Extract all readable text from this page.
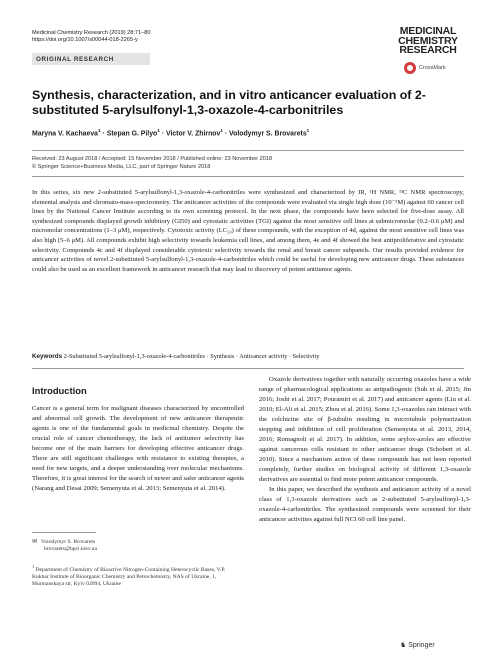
Medicinal Chemistry Research (2019) 28:71–80
https://doi.org/10.1007/s00044-018-2265-y
MEDICINAL
CHEMISTRY
RESEARCH
ORIGINAL RESEARCH
CrossMark
Synthesis, characterization, and in vitro anticancer evaluation of 2-substituted 5-arylsulfonyl-1,3-oxazole-4-carbonitriles
Maryna V. Kachaeva$^1$ · Stepan G. Pilyo$^1$ · Victor V. Zhirnov$^1$ · Volodymyr S. Brovarets$^1$
Received: 23 August 2018 / Accepted: 15 November 2018 / Published online: 23 November 2018
© Springer Science+Business Media, LLC, part of Springer Nature 2018
In this series, six new 2-substituted 5-arylsulfonyl-1,3-oxazole-4-carbonitriles were synthesized and characterized by IR, ¹H NMR, ¹³C NMR spectroscopy, elemental analysis and chromato-mass-spectrometry. The anticancer activities of the compounds were evaluated via single high dose (10⁻⁵M) against 60 cancer cell lines by the National Cancer Institute according to its own screening protocol. In the next phase, the compounds have been selected for five-dose assay. All synthesized compounds displayed growth inhibitory (GI50) and cytostatic activities (TGI) against the most sensitive cell lines at submicromolar (0.2–0.6 μM) and micromolar concentrations (1–3 μM), respectively. Cytotoxic activity (LC₅₀) of these compounds, with the exception of 4d, against the most sensitive cell lines was also high (5–6 μM). All compounds exhibit high selectivity towards leukemia cell lines, and among them, 4e and 4f showed the best antiproliferative and cytostatic selectivity. Compounds 4c and 4f displayed considerable cytotoxic selectivity towards the renal and breast cancer subpanels. Our results provided evidence for anticancer activities of novel 2-substituted 5-arylsulfonyl-1,3-oxazole-4-carbonitriles which could be useful for developing new anticancer drugs. These substances could also be used as an excellent framework in anticancer research that may lead to discovery of potent antitumor agents.
Keywords 2-Substituted 5-arylsulfonyl-1,3-oxazole-4-carbonitriles · Synthesis · Anticancer activity · Selectivity
Introduction

Cancer is a general term for malignant diseases characterized by uncontrolled and abnormal cell growth. The development of new anticancer therapeutic agents is one of the fundamental goals in medicinal chemistry. Despite the crucial role of cancer chemotherapy, the lack of antitumor selectivity has become one of the main barriers for developing effective anticancer drugs. There are still significant challenges with resistance to existing therapies, a need for new targets, and a deeper understanding over molecular mechanisms. Therefore, it is great interest for the search of newer and safer anticancer agents (Narang and Desai 2009; Semenyuta et al. 2013; Semenyuta et al. 2014).

Oxazole derivatives together with naturally occurring oxazoles have a wide range of pharmacological applications as antipathogenic (Suh et al. 2015; Jin 2016; Joshi et al. 2017; Pouramiri et al. 2017) and anticancer agents (Liu et al. 2010; El-Ali et al. 2015; Zhou et al. 2016). Some 1,3-oxazoles can interact with the colchicine site of β-tubulin resulting in microtubule polymerization stopping and inhibition of cell proliferation (Semenyuta et al. 2013, 2014, 2016; Romagnoli et al. 2017). In addition, some arylox-azoles are effective against cancerous cells resistant to other anticancer drugs (Schobert et al. 2010). Since a mechanism action of these compounds has not been reported completely, further studies on biological activity of different 1,3-oxazole derivatives are essential to find more potent anticancer compounds.

In this paper, we described the synthesis and anticancer activity of a novel class of 1,3-oxazole derivatives such as 2-substituted 5-arylsulfonyl-1,3-oxazole-4-carbonitriles. The synthesized compounds were screened for their anticancer activities against full NCI 60 cell line panel.

✉ Volodymyr S. Brovarets
brovarets@bpci.kiev.ua
$^1$ Department of Chemistry of Bioactive Nitrogen-Containing Heterocyclic Bases, V.P. Kukhar Institute of Bioorganic Chemistry and Petrochemistry, NAS of Ukraine, 1, Murmanskaya str, Kyiv 02094, Ukraine
♞ Springer
